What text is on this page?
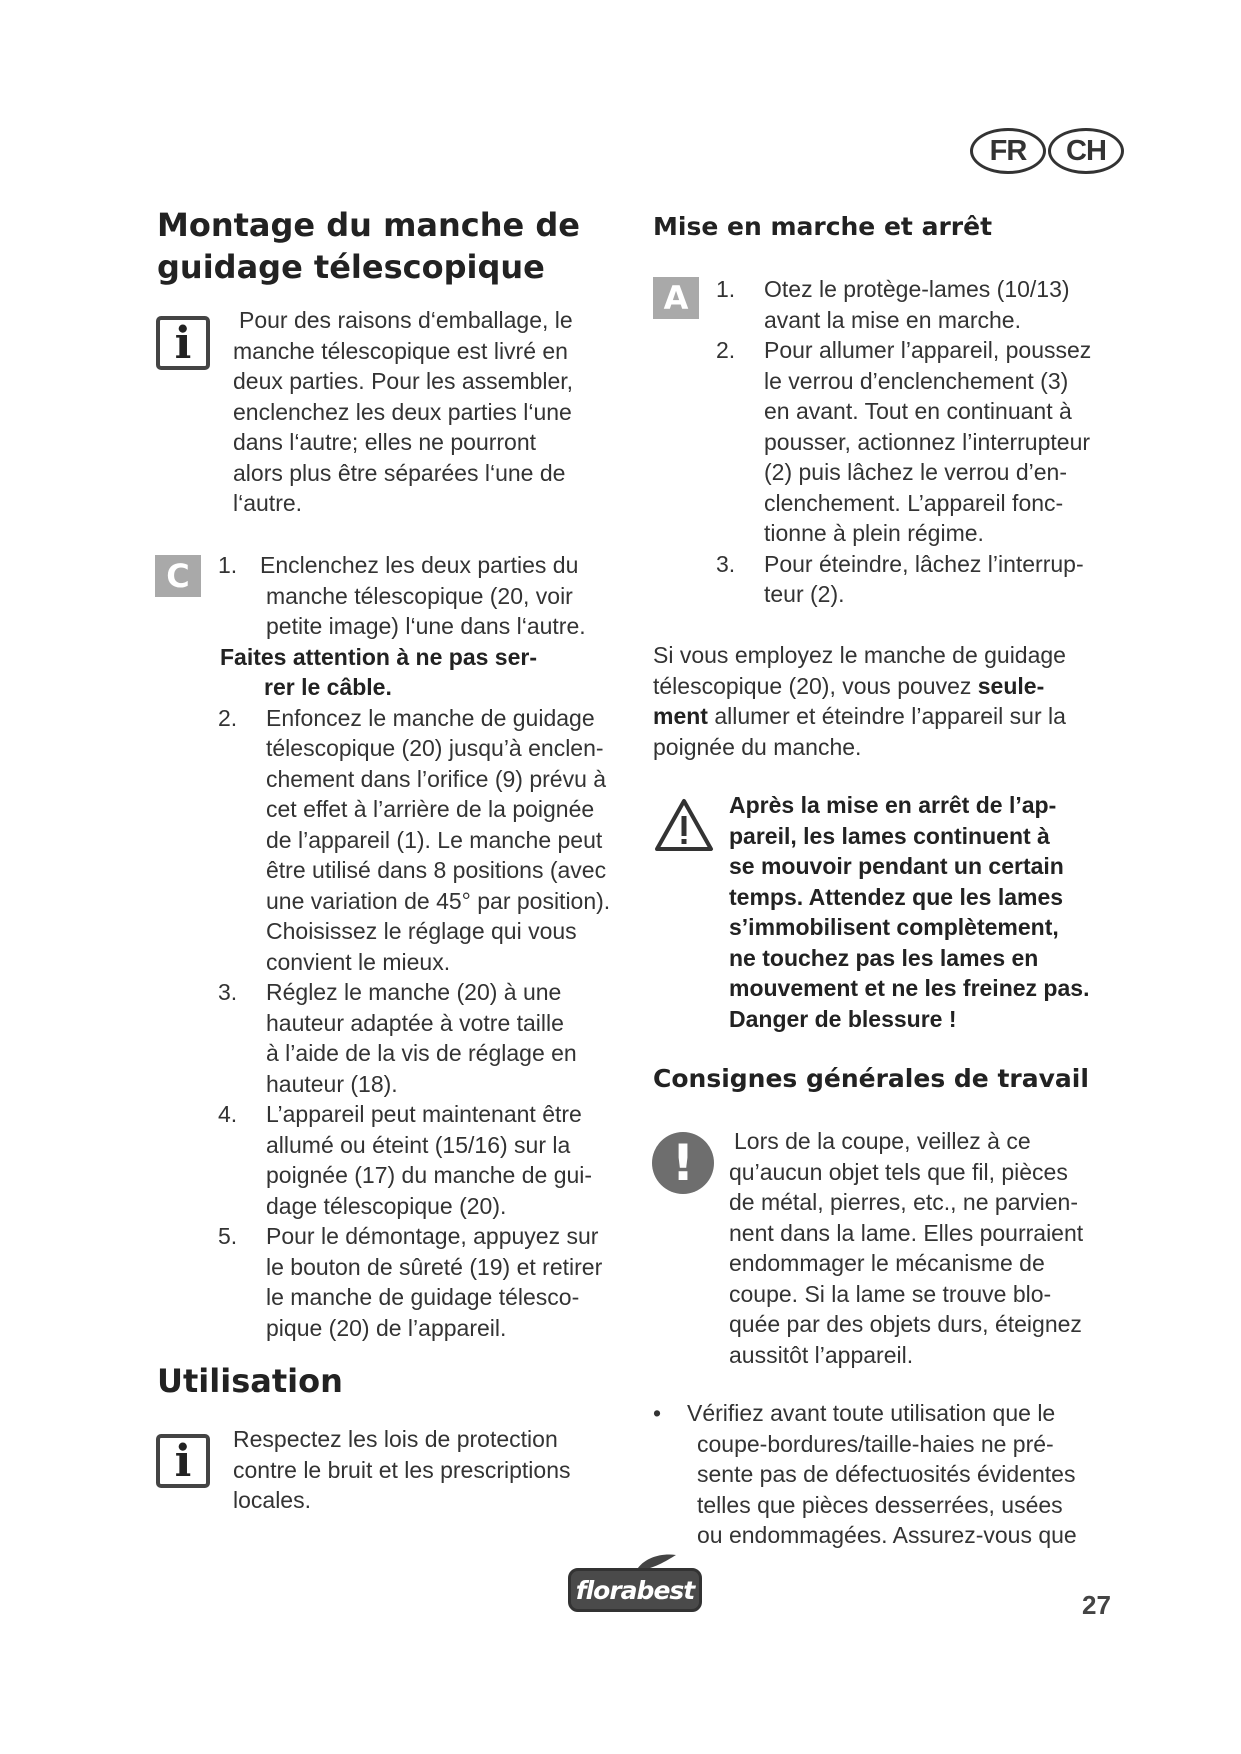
FR	CH
Montage du manche de
guidage télescopique
i	Pour des raisons d‘emballage, le
manche télescopique est livré en
deux parties. Pour les assembler,
enclenchez les deux parties l‘une
dans l‘autre; elles ne pourront
alors plus être séparées l‘une de
l‘autre.
C	1. Enclenchez les deux parties du
manche télescopique (20, voir
petite image) l‘une dans l‘autre.
Faites attention à ne pas ser-
rer le câble.
2.	Enfoncez le manche de guidage
télescopique (20) jusqu’à enclen-
chement dans l’orifice (9) prévu à
cet effet à l’arrière de la poignée
de l’appareil (1). Le manche peut
être utilisé dans 8 positions (avec
une variation de 45° par position).
Choisissez le réglage qui vous
convient le mieux.
3.	Réglez le manche (20) à une
hauteur adaptée à votre taille
à l’aide de la vis de réglage en
hauteur (18).
4.	L’appareil peut maintenant être
allumé ou éteint (15/16) sur la
poignée (17) du manche de gui-
dage télescopique (20).
5.	Pour le démontage, appuyez sur
le bouton de sûreté (19) et retirer
le manche de guidage télesco-
pique (20) de l’appareil.
Utilisation
i	Respectez les lois de protection
contre le bruit et les prescriptions
locales.
Mise en marche et arrêt
A	1.	Otez le protège-lames (10/13)
avant la mise en marche.
2.	Pour allumer l’appareil, poussez
le verrou d’enclenchement (3)
en avant. Tout en continuant à
pousser, actionnez l’interrupteur
(2) puis lâchez le verrou d’en-
clenchement. L’appareil fonc-
tionne à plein régime.
3.	Pour éteindre, lâchez l’interrup-
teur (2).
Si vous employez le manche de guidage
télescopique (20), vous pouvez seule-
ment allumer et éteindre l’appareil sur la
poignée du manche.
Après la mise en arrêt de l’ap-
pareil, les lames continuent à
se mouvoir pendant un certain
temps. Attendez que les lames
s’immobilisent complètement,
ne touchez pas les lames en
mouvement et ne les freinez pas.
Danger de blessure !
Consignes générales de travail
!	Lors de la coupe, veillez à ce
qu’aucun objet tels que fil, pièces
de métal, pierres, etc., ne parvien-
nent dans la lame. Elles pourraient
endommager le mécanisme de
coupe. Si la lame se trouve blo-
quée par des objets durs, éteignez
aussitôt l’appareil.
•	Vérifiez avant toute utilisation que le
coupe-bordures/taille-haies ne pré-
sente pas de défectuosités évidentes
telles que pièces desserrées, usées
ou endommagées. Assurez-vous que
florabest	27
